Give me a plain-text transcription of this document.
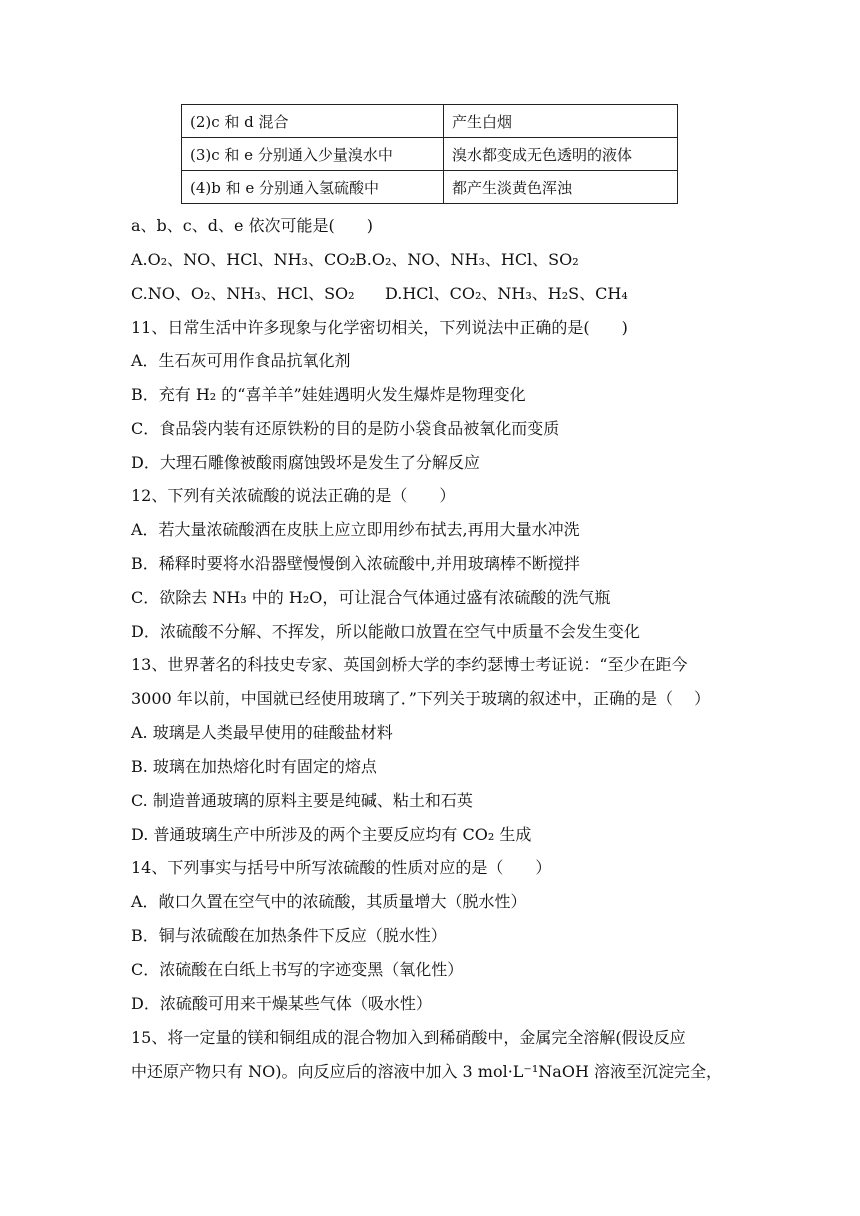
(2)c 和 d 混合	产生白烟
(3)c 和 e 分别通入少量溴水中	溴水都变成无色透明的液体
(4)b 和 e 分别通入氢硫酸中	都产生淡黄色浑浊
a、b、c、d、e 依次可能是(　　)
A.O₂、NO、HCl、NH₃、CO₂B.O₂、NO、NH₃、HCl、SO₂
C.NO、O₂、NH₃、HCl、SO₂ D.HCl、CO₂、NH₃、H₂S、CH₄
11、日常生活中许多现象与化学密切相关，下列说法中正确的是(　　)
A．生石灰可用作食品抗氧化剂
B．充有 H₂ 的“喜羊羊”娃娃遇明火发生爆炸是物理变化
C．食品袋内装有还原铁粉的目的是防小袋食品被氧化而变质
D．大理石雕像被酸雨腐蚀毁坏是发生了分解反应
12、下列有关浓硫酸的说法正确的是（　　）
A．若大量浓硫酸洒在皮肤上应立即用纱布拭去,再用大量水冲洗
B．稀释时要将水沿器壁慢慢倒入浓硫酸中,并用玻璃棒不断搅拌
C．欲除去 NH₃ 中的 H₂O，可让混合气体通过盛有浓硫酸的洗气瓶
D．浓硫酸不分解、不挥发，所以能敞口放置在空气中质量不会发生变化
13、世界著名的科技史专家、英国剑桥大学的李约瑟博士考证说：“至少在距今
3000 年以前，中国就已经使用玻璃了．”下列关于玻璃的叙述中，正确的是（　 ）
A. 玻璃是人类最早使用的硅酸盐材料
B. 玻璃在加热熔化时有固定的熔点
C. 制造普通玻璃的原料主要是纯碱、粘土和石英
D. 普通玻璃生产中所涉及的两个主要反应均有 CO₂ 生成
14、下列事实与括号中所写浓硫酸的性质对应的是（　　）
A．敞口久置在空气中的浓硫酸，其质量增大（脱水性）
B．铜与浓硫酸在加热条件下反应（脱水性）
C．浓硫酸在白纸上书写的字迹变黑（氧化性）
D．浓硫酸可用来干燥某些气体（吸水性）
15、将一定量的镁和铜组成的混合物加入到稀硝酸中，金属完全溶解(假设反应
中还原产物只有 NO)。向反应后的溶液中加入 3 mol·L⁻¹NaOH 溶液至沉淀完全，
